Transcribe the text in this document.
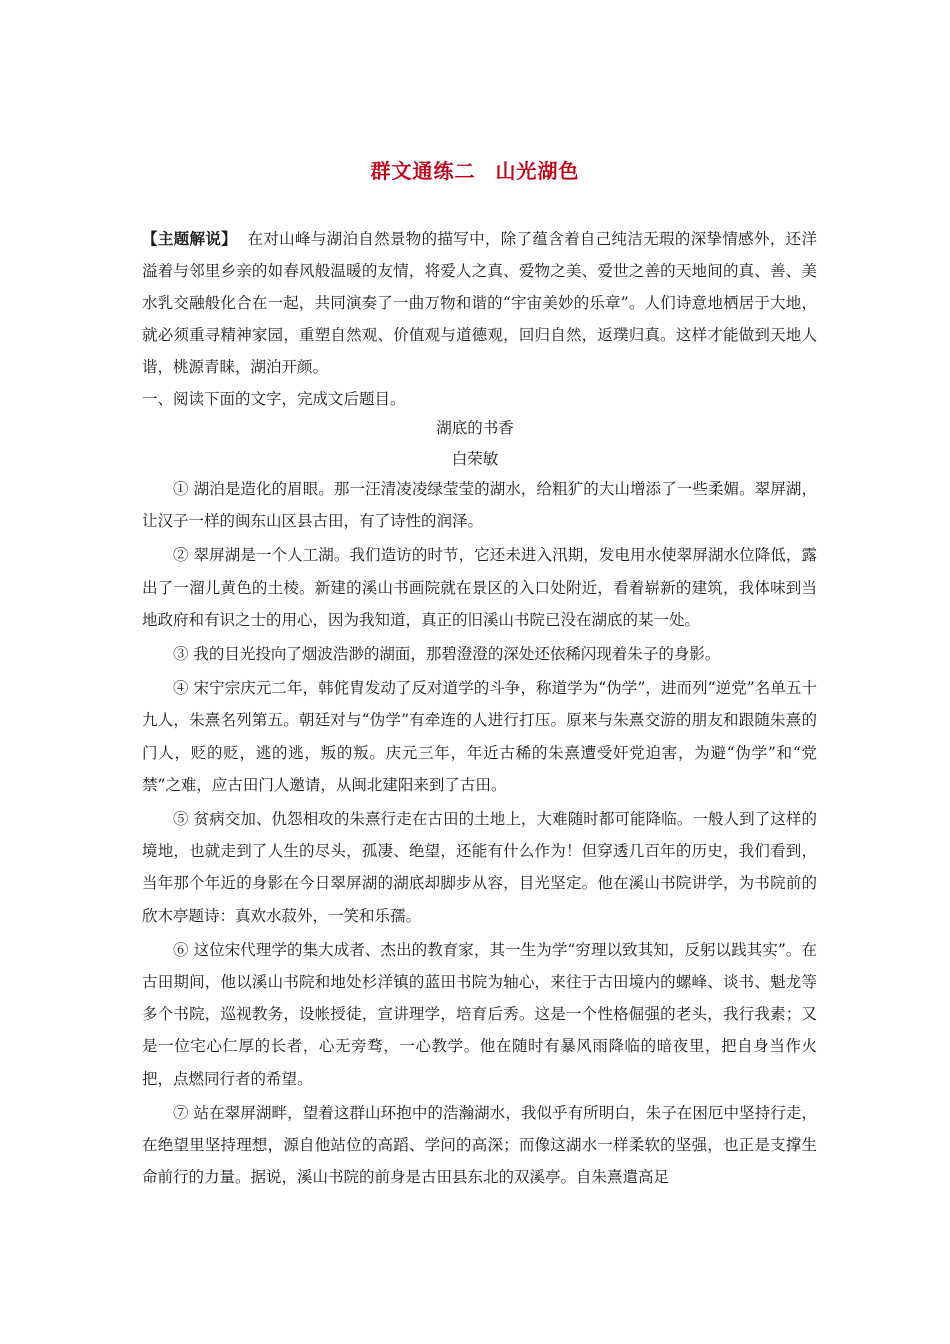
群文通练二 山光湖色
【主题解说】 在对山峰与湖泊自然景物的描写中，除了蕴含着自己纯洁无瑕的深挚情感外，还洋溢着与邻里乡亲的如春风般温暖的友情，将爱人之真、爱物之美、爱世之善的天地间的真、善、美水乳交融般化合在一起，共同演奏了一曲万物和谐的“宇宙美妙的乐章”。人们诗意地栖居于大地，就必须重寻精神家园，重塑自然观、价值观与道德观，回归自然，返璞归真。这样才能做到天地人谐，桃源青睐，湖泊开颜。
一、阅读下面的文字，完成文后题目。
湖底的书香
白荣敏

① 湖泊是造化的眉眼。那一汪清凌凌绿莹莹的湖水，给粗犷的大山增添了一些柔媚。翠屏湖，让汉子一样的闽东山区县古田，有了诗性的润泽。

② 翠屏湖是一个人工湖。我们造访的时节，它还未进入汛期，发电用水使翠屏湖水位降低，露出了一溜儿黄色的土棱。新建的溪山书画院就在景区的入口处附近，看着崭新的建筑，我体味到当地政府和有识之士的用心，因为我知道，真正的旧溪山书院已没在湖底的某一处。

③ 我的目光投向了烟波浩渺的湖面，那碧澄澄的深处还依稀闪现着朱子的身影。

④ 宋宁宗庆元二年，韩侂胄发动了反对道学的斗争，称道学为“伪学”，进而列“逆党”名单五十九人，朱熹名列第五。朝廷对与“伪学”有牵连的人进行打压。原来与朱熹交游的朋友和跟随朱熹的门人，贬的贬，逃的逃，叛的叛。庆元三年，年近古稀的朱熹遭受奸党迫害，为避“伪学”和“党禁”之难，应古田门人邀请，从闽北建阳来到了古田。

⑤ 贫病交加、仇怨相攻的朱熹行走在古田的土地上，大难随时都可能降临。一般人到了这样的境地，也就走到了人生的尽头，孤凄、绝望，还能有什么作为！但穿透几百年的历史，我们看到，当年那个年近的身影在今日翠屏湖的湖底却脚步从容，目光坚定。他在溪山书院讲学，为书院前的欣木亭题诗：真欢水菽外，一笑和乐孺。

⑥ 这位宋代理学的集大成者、杰出的教育家，其一生为学“穷理以致其知，反躬以践其实”。在古田期间，他以溪山书院和地处杉洋镇的蓝田书院为轴心，来往于古田境内的螺峰、谈书、魁龙等多个书院，巡视教务，设帐授徒，宣讲理学，培育后秀。这是一个性格倔强的老头，我行我素；又是一位宅心仁厚的长者，心无旁骛，一心教学。他在随时有暴风雨降临的暗夜里，把自身当作火把，点燃同行者的希望。

⑦ 站在翠屏湖畔，望着这群山环抱中的浩瀚湖水，我似乎有所明白，朱子在困厄中坚持行走，在绝望里坚持理想，源自他站位的高蹈、学问的高深；而像这湖水一样柔软的坚强，也正是支撑生命前行的力量。据说，溪山书院的前身是古田县东北的双溪亭。自朱熹遣高足
